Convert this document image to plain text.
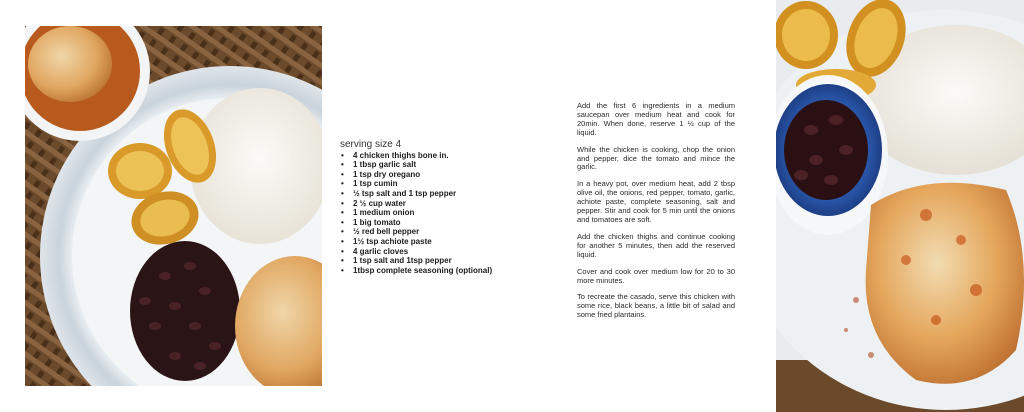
serving size 4
• 4 chicken thighs bone in.
• 1 tbsp garlic salt
• 1 tsp dry oregano
• 1 tsp cumin
• ½ tsp salt and 1 tsp pepper
• 2 ½ cup water
• 1 medium onion
• 1 big tomato
• ½ red bell pepper
• 1½ tsp achiote paste
• 4 garlic cloves
• 1 tsp salt and 1tsp pepper
• 1tbsp complete seasoning (optional)

Add the first 6 ingredients in a medium saucepan over medium heat and cook for 20min. When done, reserve 1 ½ cup of the liquid.

While the chicken is cooking, chop the onion and pepper, dice the tomato and mince the garlic.

In a heavy pot, over medium heat, add 2 tbsp olive oil, the onions, red pepper, tomato, garlic, achiote paste, complete seasoning, salt and pepper. Stir and cook for 5 min until the onions and tomatoes are soft.

Add the chicken thighs and continue cooking for another 5 minutes, then add the reserved liquid.

Cover and cook over medium low for 20 to 30 more minutes.

To recreate the casado, serve this chicken with some rice, black beans, a little bit of salad and some fried plantains.
